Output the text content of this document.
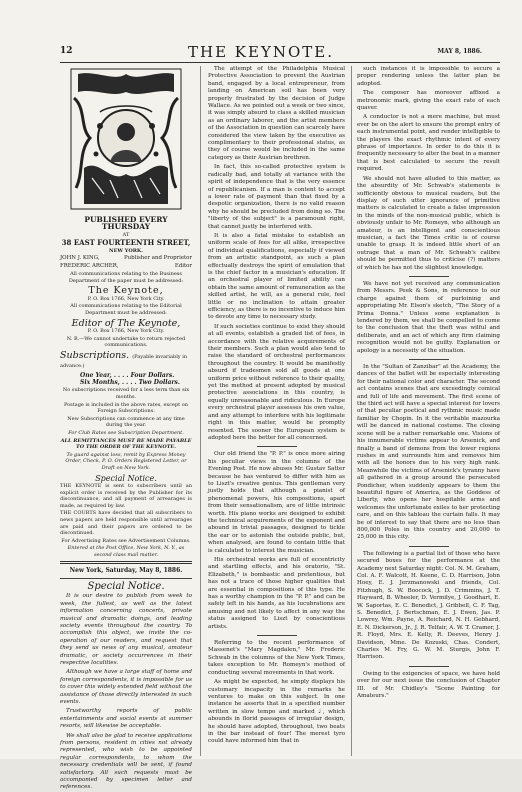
12	THE KEYNOTE.	MAY 8, 1886.
PUBLISHED EVERY THURSDAY
AT
38 EAST FOURTEENTH STREET,
NEW YORK.
JOHN J. KING,	Publisher and Proprietor
FREDERIC ARCHER,	Editor
All communications relating to the Business Department of the paper must be addressed:
The Keynote,
P. O. Box 1766, New York City.
All communications relating to the Editorial Department must be addressed:
Editor of The Keynote,
P. O. Box 1766, New York City.
N. B.—We cannot undertake to return rejected communications.
Subscriptions. (Payable invariably in advance.)
One Year, . . . . Four Dollars.
Six Months, . . . . Two Dollars.
No subscriptions received for a less term than six months.
Postage is included in the above rates, except on Foreign Subscriptions.
New Subscriptions can commence at any time during the year.
For Club Rates see Subscription Department.
ALL REMITTANCES MUST BE MADE PAYABLE TO THE ORDER OF THE KEYNOTE.
To guard against loss, remit by Express Money Order, Check, P. O. Orders Registered Letter, or Draft on New York.
Special Notice.
THE KEYNOTE is sent to subscribers until an explicit order is received by the Publisher for its discontinuance, and all payment of arrearages is made, as required by law.
THE COURTS have decided that all subscribers to news papers are held responsible until arrearages are paid and their papers are ordered to be discontinued.
For Advertising Rates see Advertisement Columns.
Entered at the Post Office, New York, N. Y., as second class mail matter.
New York, Saturday, May 8, 1886.
Special Notice.

It is our desire to publish from week to week, the fullest, as well as the latest information concerning concerts, private musical and dramatic doings, and leading society events throughout the country. To accomplish this object, we invite the co-operation of our readers, and request that they send us news of any musical, amateur dramatic, or society occurrences in their respective localities.

Although we have a large staff of home and foreign correspondents, it is impossible for us to cover this widely extended field without the assistance of those directly interested in such events.

Trustworthy reports of public entertainments and social events at summer resorts, will likewise be acceptable.

We shall also be glad to receive applications from persons, resident in cities not already represented, who wish to be appointed regular correspondents, to whom the necessary credentials will be sent, if found satisfactory. All such requests must be accompanied by specimen letter and references.

The attempt of the Philadelphia Musical Protective Association to prevent the Austrian band, engaged by a local entrepreneur, from landing on American soil has been very properly frustrated by the decision of Judge Wallace. As we pointed out a week or two since, it was simply absurd to class a skilled musician as an ordinary laborer, and the artist members of the Association in question can scarcely have considered the view taken by the executive as complimentary to their professional status, as they of course would be included in the same category as their Austrian brethren.

In fact, this so-called protective system is radically bad, and totally at variance with the spirit of independence that is the very essence of republicanism. If a man is content to accept a lower rate of payment than that fixed by a despotic organization, there is no valid reason why he should be precluded from doing so. The "liberty of the subject" is a paramount right, that cannot justly be interfered with.

It is also a fatal mistake to establish an uniform scale of fees for all alike, irrespective of individual qualifications, especially if viewed from an artistic standpoint, as such a plan effectually destroys the spirit of emulation that is the chief factor in a musician's education. If an orchestral player of limited ability can obtain the same amount of remuneration as the skilled artist, he will, as a general rule, feel little or no inclination to attain greater efficiency, as there is no incentive to induce him to devote any time to necessary study.

If such societies continue to exist they should at all events, establish a graded list of fees, in accordance with the relative acquirements of their members. Such a plan would also tend to raise the standard of orchestral performances throughout the country. It would be manifestly absurd if tradesmen sold all goods at one uniform price without reference to their quality, yet the method at present adopted by musical protective associations in this country, is equally unreasonable and ridiculous. In Europe every orchestral player assesses his own value, and any attempt to interfere with his legitimate right in this matter, would be promptly resented. The sooner the European system is adopted here the better for all concerned.

Our old friend the "P. P." is once more airing his peculiar views in the columns of the Evening Post. He now abuses Mr. Gustav Satter because he has ventured to differ with him as to Liszt's creative genius. This gentleman very justly holds that although a pianist of phenomenal powers, his compositions, apart from their sensationalism, are of little intrinsic worth. His piano works are designed to exhibit the technical acquirements of the exponent and abound in trivial passages, designed to tickle the ear or to astonish the outside public, but, when analysed, are found to contain little that is calculated to interest the musician.

His orchestral works are full of eccentricity and startling effects, and his oratorio, "St. Elizabeth," is bombastic and pretentious, but has not a trace of those higher qualities that are essential in compositions of this type. He has a worthy champion in the "P. P." and can be safely left in his hands, as his lucubrations are amusing and not likely to affect in any way the status assigned to Liszt by conscientious artists.

Referring to the recent performance of Massenet's "Mary Magdalen," Mr. Frederic Schwab in the columns of the New York Times, takes exception to Mr. Romeyn's method of conducting several movements in that work.

As might be expected, he simply displays his customary incapacity in the remarks he ventures to make on this subject. In one instance he asserts that in a specified number written in slow tempo and marked ♩, which abounds in florid passages of irregular design, he should have adopted, throughout, two beats in the bar instead of four! The merest tyro could have informed him that in

such instances it is impossible to secure a proper rendering unless the latter plan be adopted.

The composer has moreover affixed a metronomic mark, giving the exact rate of each quaver.

A conductor is not a mere machine, but must ever be on the alert to ensure the prompt entry of each instrumental point, and render intelligible to the players the exact rhythmic intent of every phrase of importance. In order to do this it is frequently necessary to alter the beat in a manner that is best calculated to secure the result required.

We should not have alluded to this matter, as the absurdity of Mr. Schwab's statements is sufficiently obvious to musical readers, but the display of such utter ignorance of primitive matters is calculated to create a false impression in the minds of the non-musical public, which is obviously unfair to Mr. Romeyn, who although an amateur, is an intelligent and conscientious musician, a fact the Times critic is of course unable to grasp. It is indeed little short of an outrage that a man of Mr. Schwab's calibre should be permitted thus to criticise (?) matters of which he has not the slightest knowledge.

We have not yet received any communication from Messrs. Peek & Sons, in reference to our charge against them of purloining and appropriating Mr. Elson's sketch, "The Story of a Prima Donna." Unless some explanation is tendered by them, we shall be compelled to come to the conclusion that the theft was wilful and deliberate, and an act of which any firm claiming recognition would not be guilty. Explanation or apology is a necessity of the situation.

In the "Sultan of Zanzibar" at the Academy, the dances of the ballet will be especially interesting for their national color and character. The second act contains scenes that are exceedingly comical and full of life and movement. The first scene of the third act will have a special interest for lovers of that peculiar poetical and rythmic music made familiar by Chopin. In it the veritable mazourka will be danced in national costume. The closing scene will be a rather remarkable one. Visions of his innumerable victims appear to Arsenick, and finally a band of demons from the lower regions rushes in and surrounds him and removes him with all the honors due to his very high rank. Meanwhile the victims of Arsenick's tyranny have all gathered in a group around the persecuted Pondicher, when suddenly appears to them the beautiful figure of America, as the Goddess of Liberty, who opens her hospitable arms and welcomes the unfortunate exiles to her protecting care, and on this tableau the curtain falls. It may be of interest to say that there are no less than 800,000 Poles in this country and 20,000 to 25,000 in this city.

The following is a partial list of those who have secured boxes for the performance at the Academy next Saturday night: Col. N. M. Graham, Col. A. F. Walcott, H. Keene, C. D. Harrison, John Hoey, E. J. Jerzmanowski and friends, Col. Fitzhugh, S. W. Boocock, J. D. Crimmins, J. T. Hayward, B. Wheeler, D. Vermilye, J. Goodhart, E. W. Saportas, E. C. Benedict, J. Gribbell, C. F. Tag, S. Benedict, J. Bertschman, E. J. Ewen, Jas. P. Lowrey, Wm. Payne, A. Reichard, N. H. Gebhard, E. N. Dickerson, Jr., J. R. Telfair, A. W. T. Cramer, J. R. Floyd, Mrs. E. Kelly, R. Deeves, Henry J. Davidson, Mme. De Kozuski, Chas. Condert, Charles M. Fry, G. W. M. Sturgis, John F. Harrison.

Owing to the exigencies of space, we have held over for our next issue the conclusion of Chapter III. of Mr. Chidley's "Scene Painting for Amateurs."
